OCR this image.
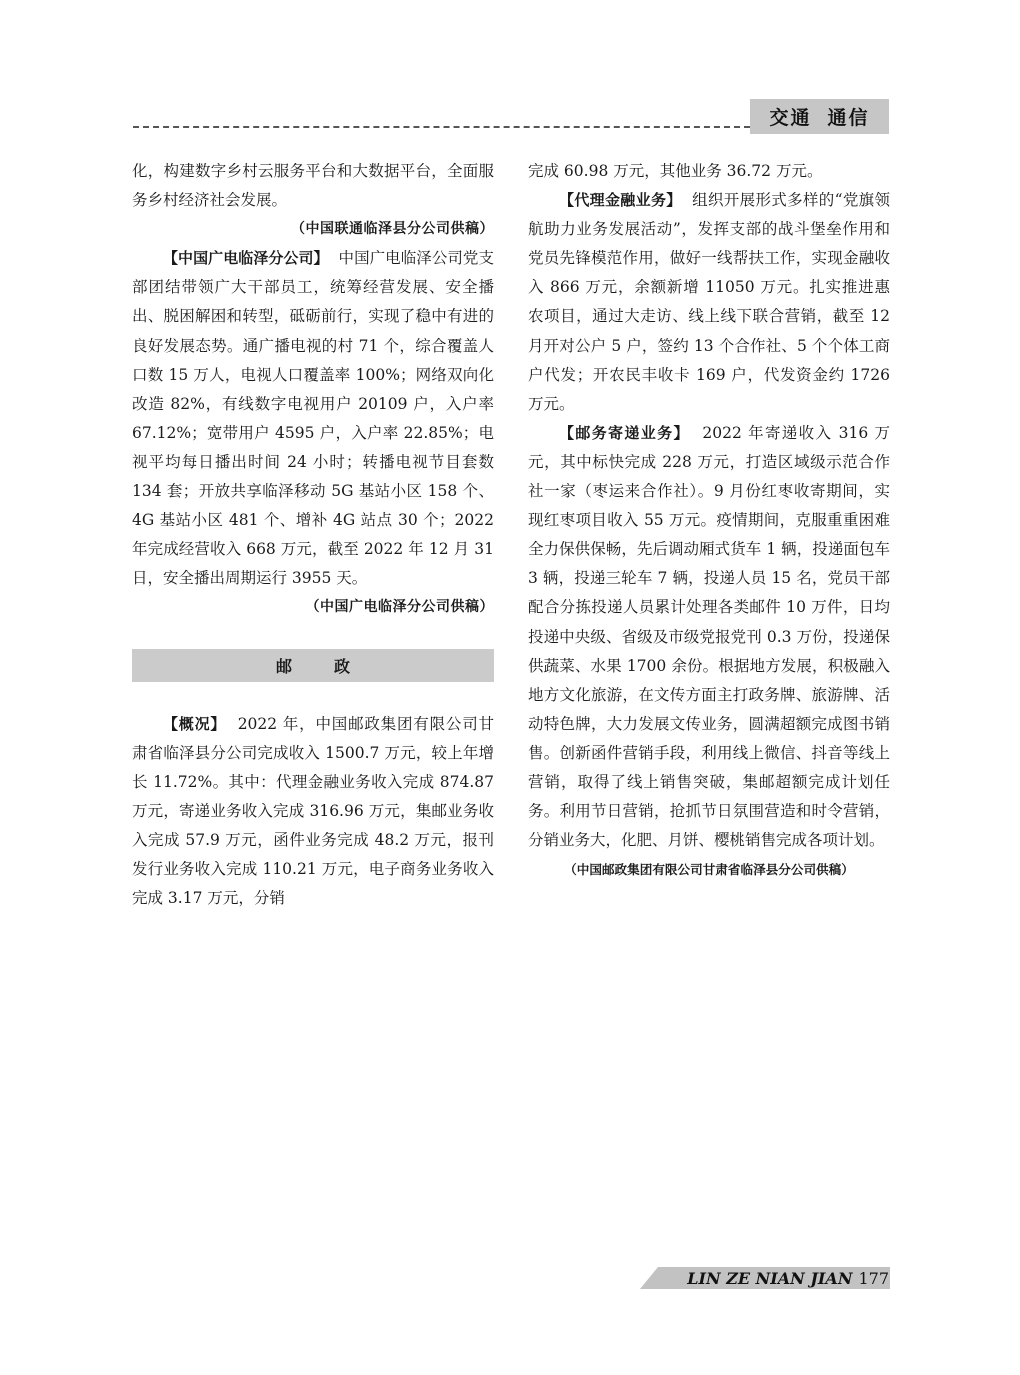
交通 通信

化，构建数字乡村云服务平台和大数据平台，全面服务乡村经济社会发展。

（中国联通临泽县分公司供稿）

【中国广电临泽分公司】 中国广电临泽公司党支部团结带领广大干部员工，统筹经营发展、安全播出、脱困解困和转型，砥砺前行，实现了稳中有进的良好发展态势。通广播电视的村 71 个，综合覆盖人口数 15 万人，电视人口覆盖率 100%；网络双向化改造 82%，有线数字电视用户 20109 户，入户率 67.12%；宽带用户 4595 户，入户率 22.85%；电视平均每日播出时间 24 小时；转播电视节目套数 134 套；开放共享临泽移动 5G 基站小区 158 个、4G 基站小区 481 个、增补 4G 站点 30 个；2022 年完成经营收入 668 万元，截至 2022 年 12 月 31 日，安全播出周期运行 3955 天。

（中国广电临泽分公司供稿）

邮	政

【概况】 2022 年，中国邮政集团有限公司甘肃省临泽县分公司完成收入 1500.7 万元，较上年增长 11.72%。其中：代理金融业务收入完成 874.87 万元，寄递业务收入完成 316.96 万元，集邮业务收入完成 57.9 万元，函件业务完成 48.2 万元，报刊发行业务收入完成 110.21 万元，电子商务业务收入完成 3.17 万元，分销

完成 60.98 万元，其他业务 36.72 万元。

【代理金融业务】 组织开展形式多样的“党旗领航助力业务发展活动”，发挥支部的战斗堡垒作用和党员先锋模范作用，做好一线帮扶工作，实现金融收入 866 万元，余额新增 11050 万元。扎实推进惠农项目，通过大走访、线上线下联合营销，截至 12 月开对公户 5 户，签约 13 个合作社、5 个个体工商户代发；开农民丰收卡 169 户，代发资金约 1726 万元。

【邮务寄递业务】 2022 年寄递收入 316 万元，其中标快完成 228 万元，打造区域级示范合作社一家（枣运来合作社）。9 月份红枣收寄期间，实现红枣项目收入 55 万元。疫情期间，克服重重困难全力保供保畅，先后调动厢式货车 1 辆，投递面包车 3 辆，投递三轮车 7 辆，投递人员 15 名，党员干部配合分拣投递人员累计处理各类邮件 10 万件，日均投递中央级、省级及市级党报党刊 0.3 万份，投递保供蔬菜、水果 1700 余份。根据地方发展，积极融入地方文化旅游，在文传方面主打政务牌、旅游牌、活动特色牌，大力发展文传业务，圆满超额完成图书销售。创新函件营销手段，利用线上微信、抖音等线上营销，取得了线上销售突破，集邮超额完成计划任务。利用节日营销，抢抓节日氛围营造和时令营销，分销业务大，化肥、月饼、樱桃销售完成各项计划。

（中国邮政集团有限公司甘肃省临泽县分公司供稿）

LIN ZE NIAN JIAN 177
